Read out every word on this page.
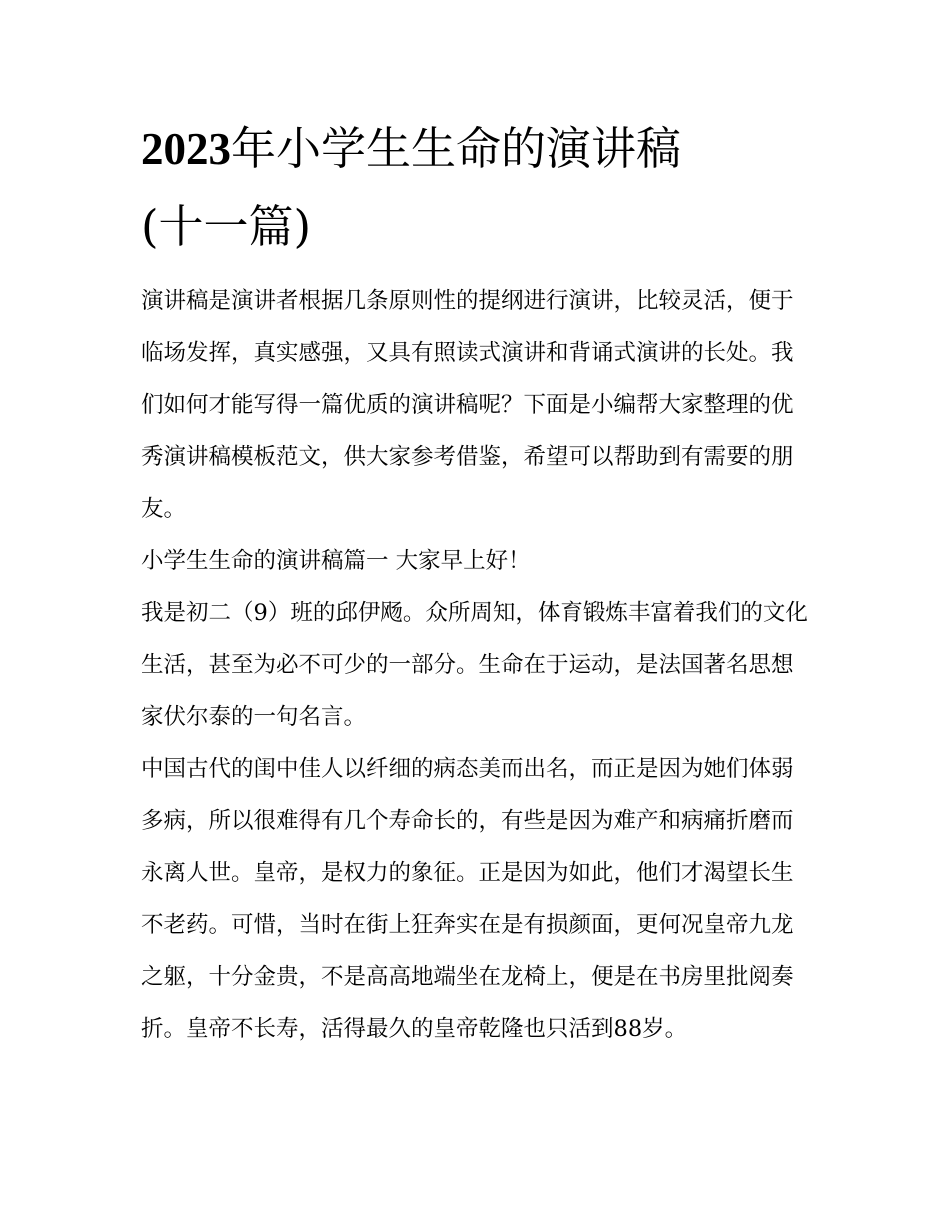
2023年小学生生命的演讲稿
(十一篇)

演讲稿是演讲者根据几条原则性的提纲进行演讲，比较灵活，便于临场发挥，真实感强，又具有照读式演讲和背诵式演讲的长处。我们如何才能写得一篇优质的演讲稿呢？下面是小编帮大家整理的优秀演讲稿模板范文，供大家参考借鉴，希望可以帮助到有需要的朋友。

小学生生命的演讲稿篇一 大家早上好！

我是初二（9）班的邱伊飏。众所周知，体育锻炼丰富着我们的文化生活，甚至为必不可少的一部分。生命在于运动，是法国著名思想家伏尔泰的一句名言。

中国古代的闺中佳人以纤细的病态美而出名，而正是因为她们体弱多病，所以很难得有几个寿命长的，有些是因为难产和病痛折磨而永离人世。皇帝，是权力的象征。正是因为如此，他们才渴望长生不老药。可惜，当时在街上狂奔实在是有损颜面，更何况皇帝九龙之躯，十分金贵，不是高高地端坐在龙椅上，便是在书房里批阅奏折。皇帝不长寿，活得最久的皇帝乾隆也只活到88岁。
